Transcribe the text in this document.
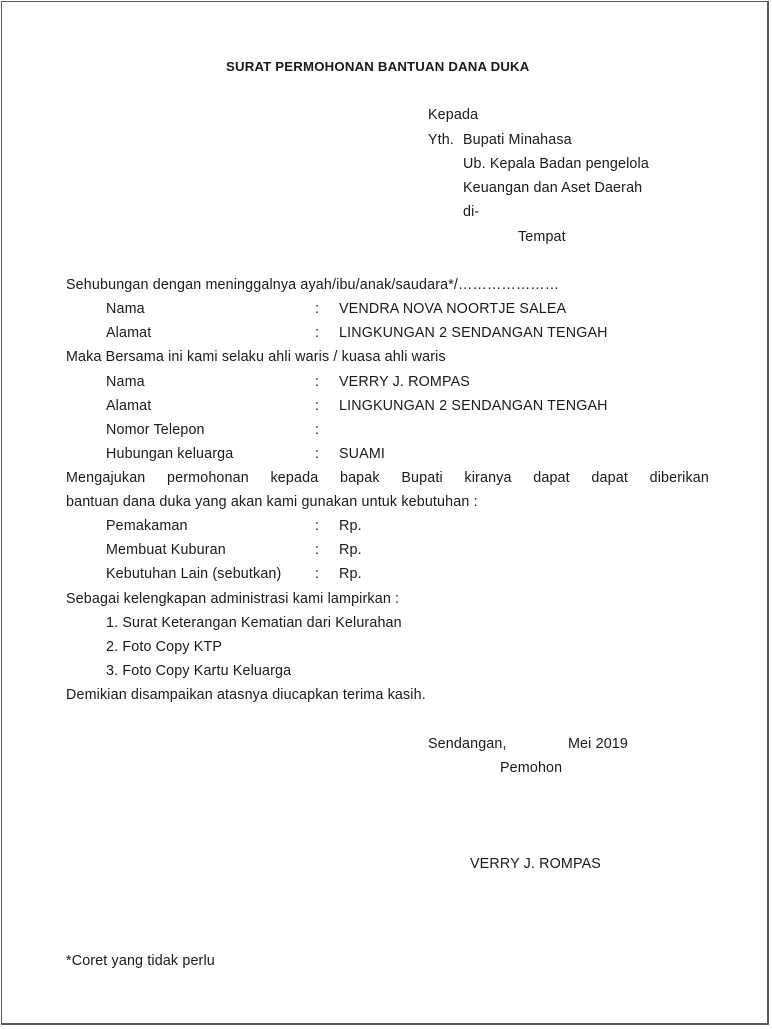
SURAT PERMOHONAN BANTUAN DANA DUKA
Kepada
Yth. Bupati Minahasa
Ub. Kepala Badan pengelola
Keuangan dan Aset Daerah
di-
Tempat
Sehubungan dengan meninggalnya ayah/ibu/anak/saudara*/…………………
Nama	: VENDRA NOVA NOORTJE SALEA
Alamat	: LINGKUNGAN 2 SENDANGAN TENGAH
Maka Bersama ini kami selaku ahli waris / kuasa ahli waris
Nama	: VERRY J. ROMPAS
Alamat	: LINGKUNGAN 2 SENDANGAN TENGAH
Nomor Telepon	:
Hubungan keluarga	: SUAMI
Mengajukan permohonan kepada bapak Bupati kiranya dapat dapat diberikan
bantuan dana duka yang akan kami gunakan untuk kebutuhan :
Pemakaman	: Rp.
Membuat Kuburan	: Rp.
Kebutuhan Lain (sebutkan) : Rp.
Sebagai kelengkapan administrasi kami lampirkan :
1. Surat Keterangan Kematian dari Kelurahan
2. Foto Copy KTP
3. Foto Copy Kartu Keluarga
Demikian disampaikan atasnya diucapkan terima kasih.
Sendangan,	Mei 2019
Pemohon
VERRY J. ROMPAS
*Coret yang tidak perlu
